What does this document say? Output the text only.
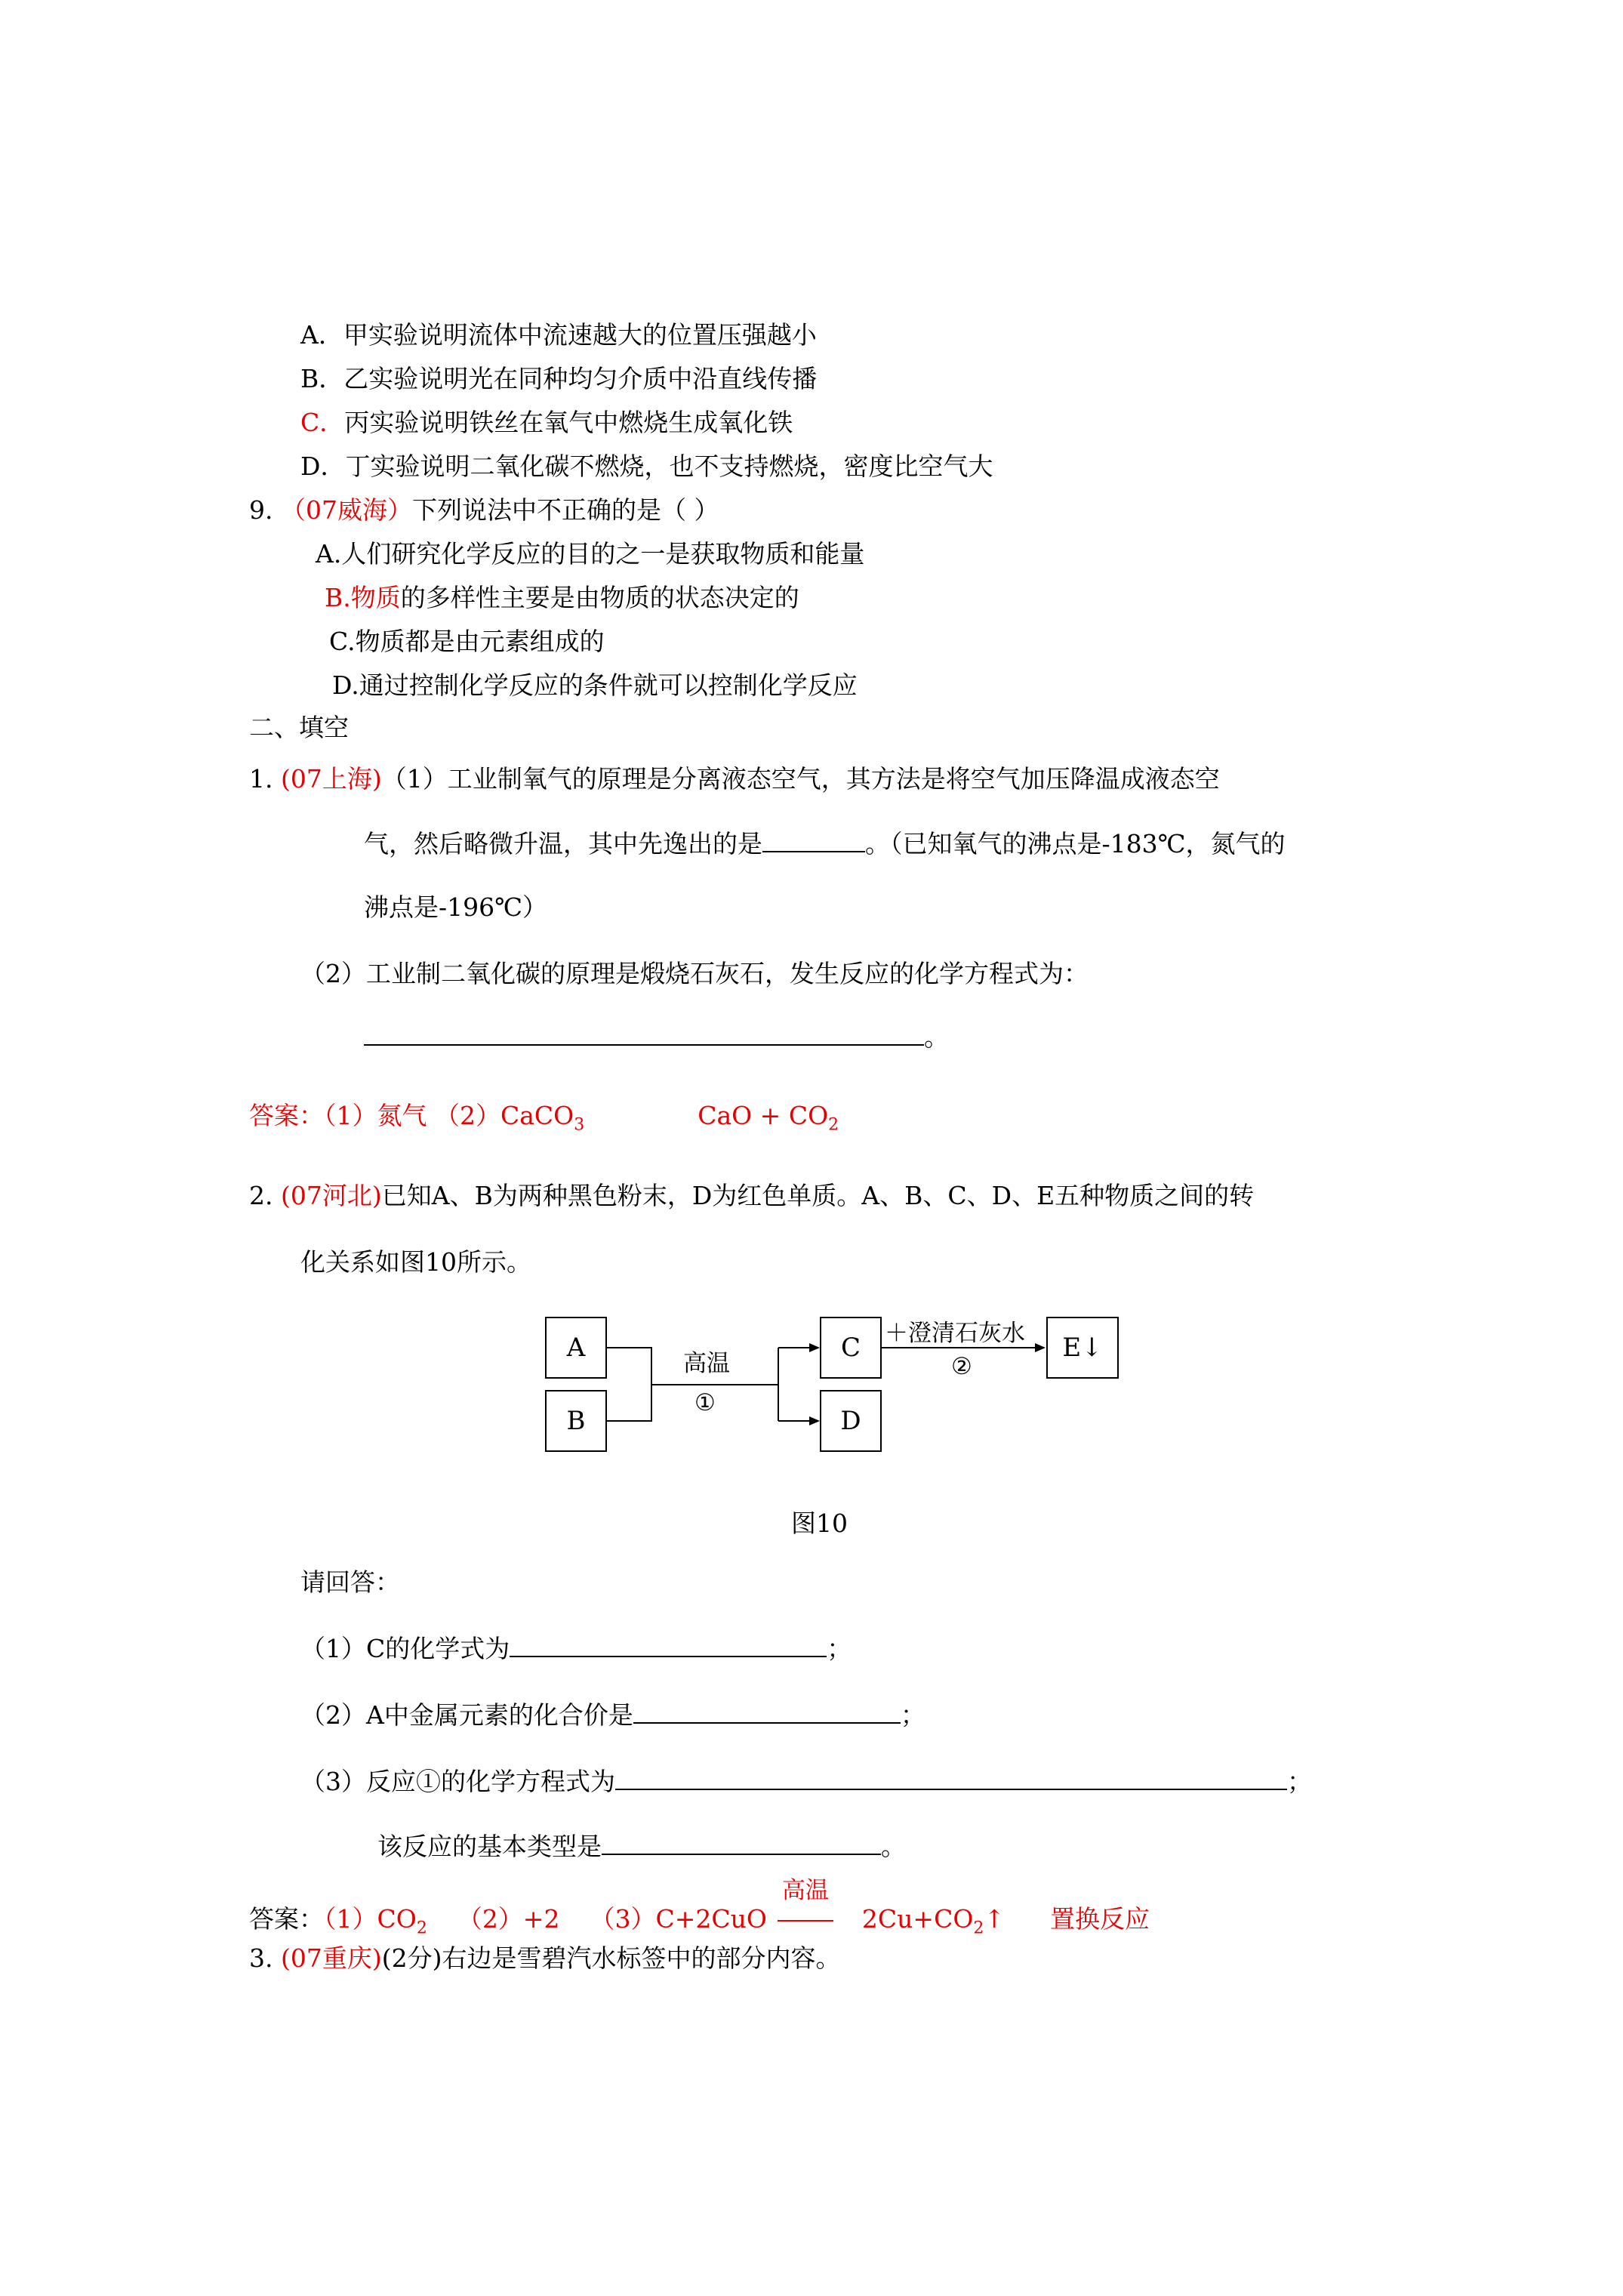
A．甲实验说明流体中流速越大的位置压强越小
B．乙实验说明光在同种均匀介质中沿直线传播
C．丙实验说明铁丝在氧气中燃烧生成氧化铁
D．丁实验说明二氧化碳不燃烧，也不支持燃烧，密度比空气大
9. （07威海）下列说法中不正确的是（ ）
A.人们研究化学反应的目的之一是获取物质和能量
B.物质的多样性主要是由物质的状态决定的
C.物质都是由元素组成的
D.通过控制化学反应的条件就可以控制化学反应
二、填空
1. (07上海)（1）工业制氧气的原理是分离液态空气，其方法是将空气加压降温成液态空
气，然后略微升温，其中先逸出的是	。（已知氧气的沸点是-183℃，氮气的
沸点是-196℃）
（2）工业制二氧化碳的原理是煅烧石灰石，发生反应的化学方程式为：
。
答案：（1）氮气 （2）CaCO$_3$	CaO + $CO_2$
2. (07河北)已知A、B为两种黑色粉末，D为红色单质。A、B、C、D、E五种物质之间的转
化关系如图10所示。
A
B
C
D
E↓
高温
①
＋澄清石灰水
②
图10
请回答：
（1）C的化学式为	；
（2）A中金属元素的化合价是	；
（3）反应①的化学方程式为	；
该反应的基本类型是	。
答案：$(1)CO_2$ （2）+2 （3）C+2CuO
高温
$2Cu+CO_2↑$ 置换反应
3. (07重庆)(2分)右边是雪碧汽水标签中的部分内容。
